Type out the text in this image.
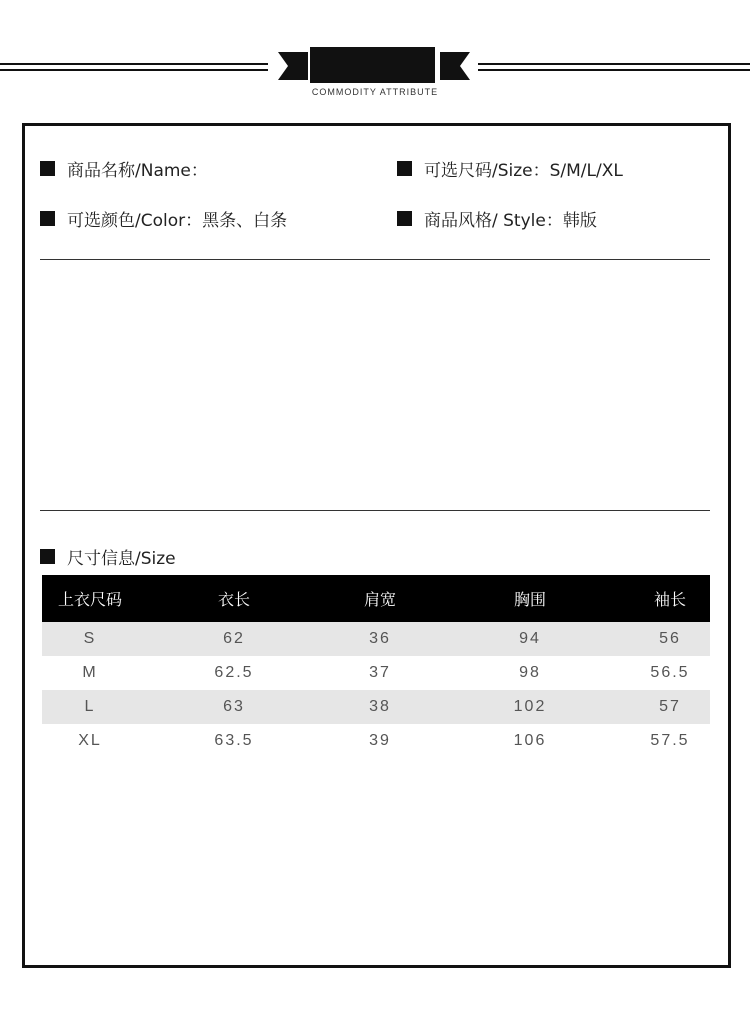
COMMODITY ATTRIBUTE
商品名称/Name：	可选尺码/Size：S/M/L/XL
可选颜色/Color：黑条、白条	商品风格/ Style：韩版
尺寸信息/Size
上衣尺码	衣长	肩宽	胸围	袖长
S	62	36	94	56
M	62.5	37	98	56.5
L	63	38	102	57
XL	63.5	39	106	57.5
